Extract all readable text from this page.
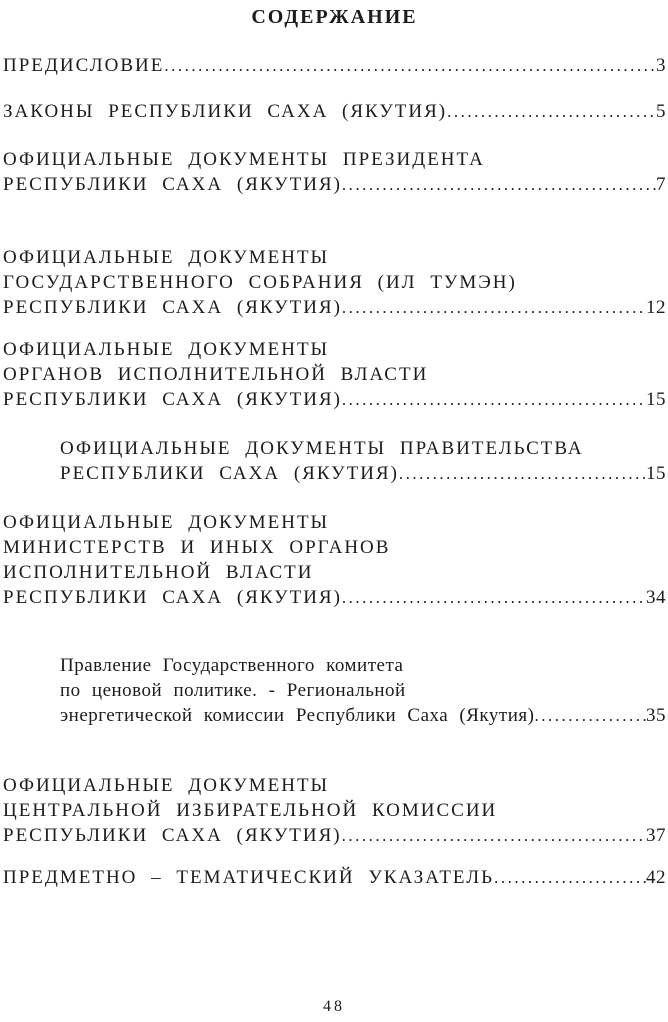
СОДЕРЖАНИЕ
ПРЕДИСЛОВИЕ .....	3
ЗАКОНЫ РЕСПУБЛИКИ САХА (ЯКУТИЯ) .....	5
ОФИЦИАЛЬНЫЕ ДОКУМЕНТЫ ПРЕЗИДЕНТА
РЕСПУБЛИКИ САХА (ЯКУТИЯ) .....	7
ОФИЦИАЛЬНЫЕ ДОКУМЕНТЫ
ГОСУДАРСТВЕННОГО СОБРАНИЯ (ИЛ ТУМЭН)
РЕСПУБЛИКИ САХА (ЯКУТИЯ) .....	12
ОФИЦИАЛЬНЫЕ ДОКУМЕНТЫ
ОРГАНОВ ИСПОЛНИТЕЛЬНОЙ ВЛАСТИ
РЕСПУБЛИКИ САХА (ЯКУТИЯ) .....	15
ОФИЦИАЛЬНЫЕ ДОКУМЕНТЫ ПРАВИТЕЛЬСТВА
РЕСПУБЛИКИ САХА (ЯКУТИЯ) .....	15
ОФИЦИАЛЬНЫЕ ДОКУМЕНТЫ
МИНИСТЕРСТВ И ИНЫХ ОРГАНОВ
ИСПОЛНИТЕЛЬНОЙ ВЛАСТИ
РЕСПУБЛИКИ САХА (ЯКУТИЯ) .....	34
Правление Государственного комитета
по ценовой политике. - Региональной
энергетической комиссии Республики Саха (Якутия) .....	35
ОФИЦИАЛЬНЫЕ ДОКУМЕНТЫ
ЦЕНТРАЛЬНОЙ ИЗБИРАТЕЛЬНОЙ КОМИССИИ
РЕСПУЬЛИКИ САХА (ЯКУТИЯ) .....	37
ПРЕДМЕТНО – ТЕМАТИЧЕСКИЙ УКАЗАТЕЛЬ .....	42
48
